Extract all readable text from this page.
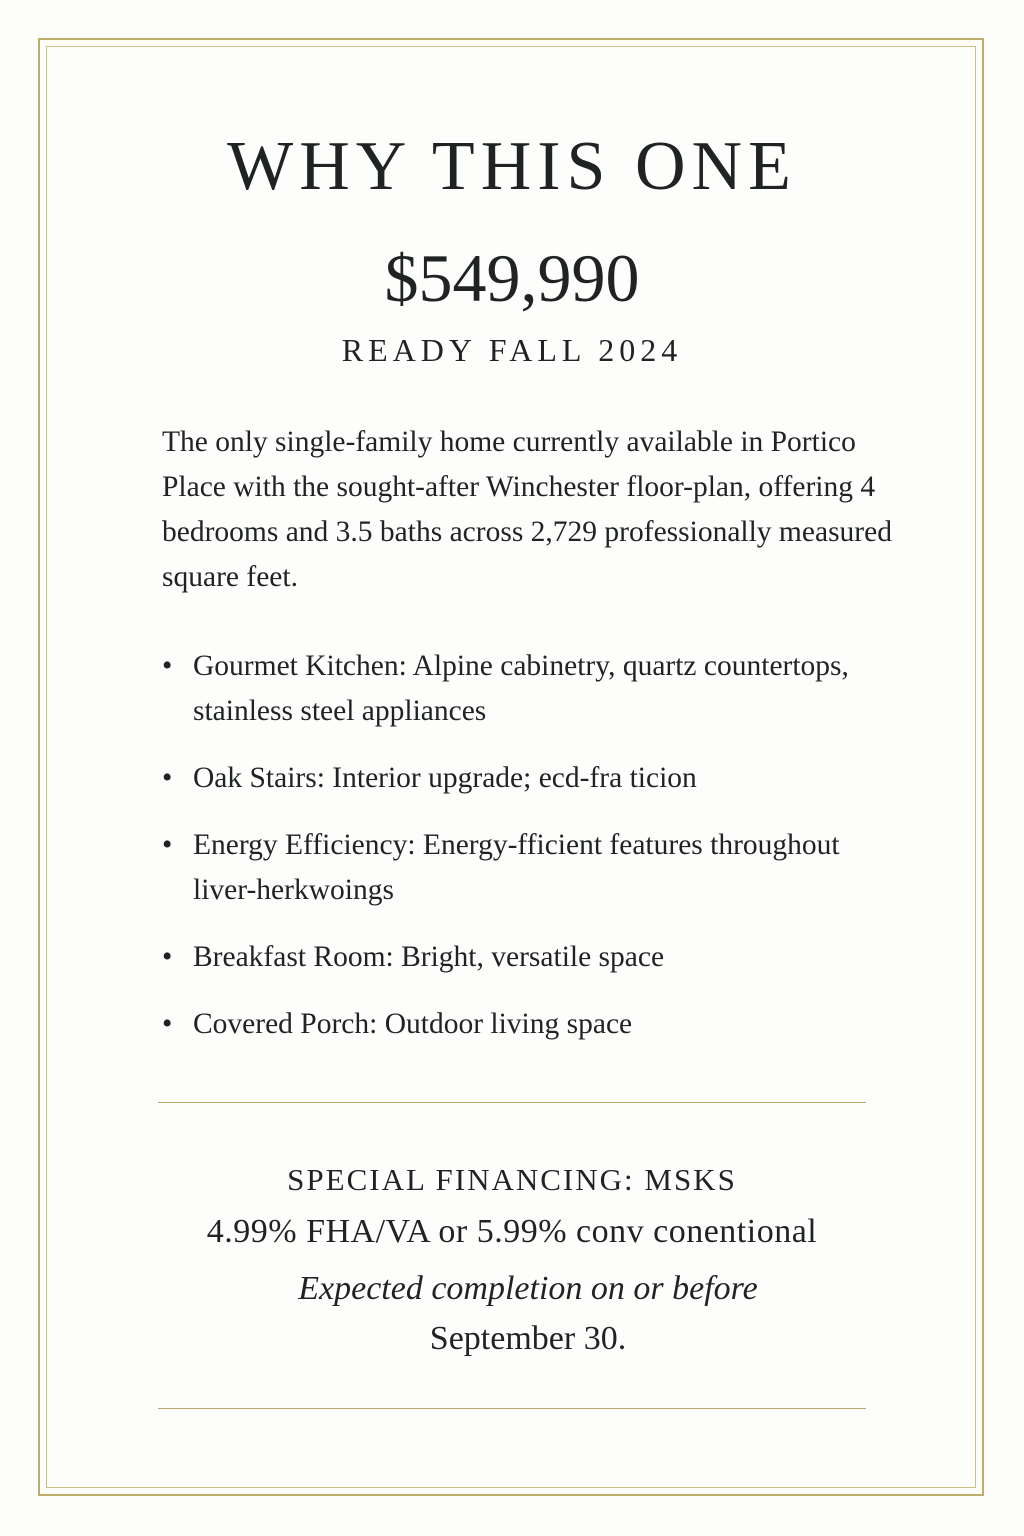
WHY THIS ONE
$549,990
READY FALL 2024

The only single-family home currently available in Portico Place with the sought-after Winchester floor-plan, offering 4 bedrooms and 3.5 baths across 2,729 professionally measured square feet.

• Gourmet Kitchen: Alpine cabinetry, quartz countertops, stainless steel appliances
• Oak Stairs: Interior upgrade; ecd-fra ticion
• Energy Efficiency: Energy-fficient features throughout liver-herkwoings
• Breakfast Room: Bright, versatile space
• Covered Porch: Outdoor living space
SPECIAL FINANCING: MSKS
4.99% FHA/VA or 5.99% conv conentional
Expected completion on or before
September 30.
